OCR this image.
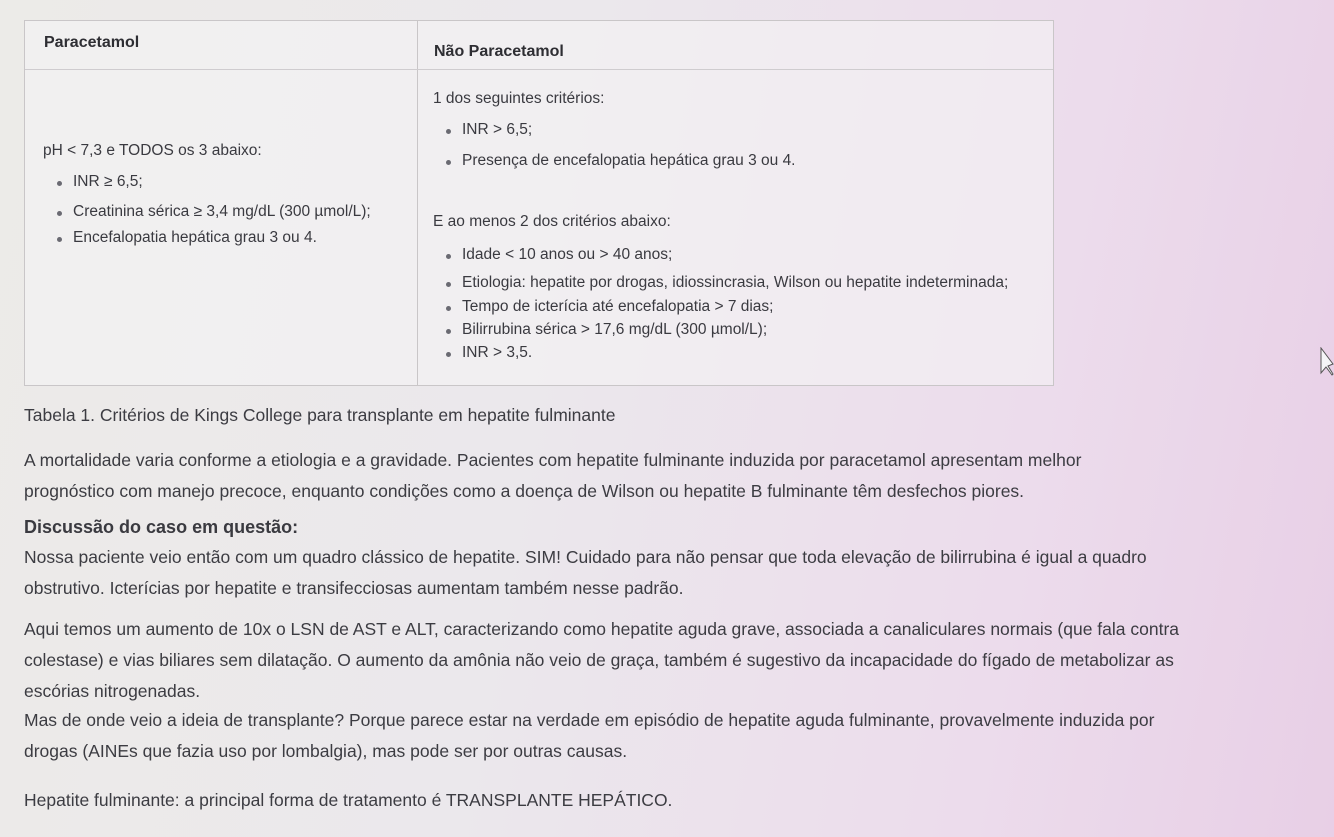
Paracetamol
Não Paracetamol
pH < 7,3 e TODOS os 3 abaixo:
INR ≥ 6,5;
Creatinina sérica ≥ 3,4 mg/dL (300 µmol/L);
Encefalopatia hepática grau 3 ou 4.
1 dos seguintes critérios:
INR > 6,5;
Presença de encefalopatia hepática grau 3 ou 4.
E ao menos 2 dos critérios abaixo:
Idade < 10 anos ou > 40 anos;
Etiologia: hepatite por drogas, idiossincrasia, Wilson ou hepatite indeterminada;
Tempo de icterícia até encefalopatia > 7 dias;
Bilirrubina sérica > 17,6 mg/dL (300 µmol/L);
INR > 3,5.
Tabela 1. Critérios de Kings College para transplante em hepatite fulminante
A mortalidade varia conforme a etiologia e a gravidade. Pacientes com hepatite fulminante induzida por paracetamol apresentam melhor
prognóstico com manejo precoce, enquanto condições como a doença de Wilson ou hepatite B fulminante têm desfechos piores.
Discussão do caso em questão:
Nossa paciente veio então com um quadro clássico de hepatite. SIM! Cuidado para não pensar que toda elevação de bilirrubina é igual a quadro
obstrutivo. Icterícias por hepatite e transifecciosas aumentam também nesse padrão.
Aqui temos um aumento de 10x o LSN de AST e ALT, caracterizando como hepatite aguda grave, associada a canaliculares normais (que fala contra
colestase) e vias biliares sem dilatação. O aumento da amônia não veio de graça, também é sugestivo da incapacidade do fígado de metabolizar as
escórias nitrogenadas.
Mas de onde veio a ideia de transplante? Porque parece estar na verdade em episódio de hepatite aguda fulminante, provavelmente induzida por
drogas (AINEs que fazia uso por lombalgia), mas pode ser por outras causas.
Hepatite fulminante: a principal forma de tratamento é TRANSPLANTE HEPÁTICO.
